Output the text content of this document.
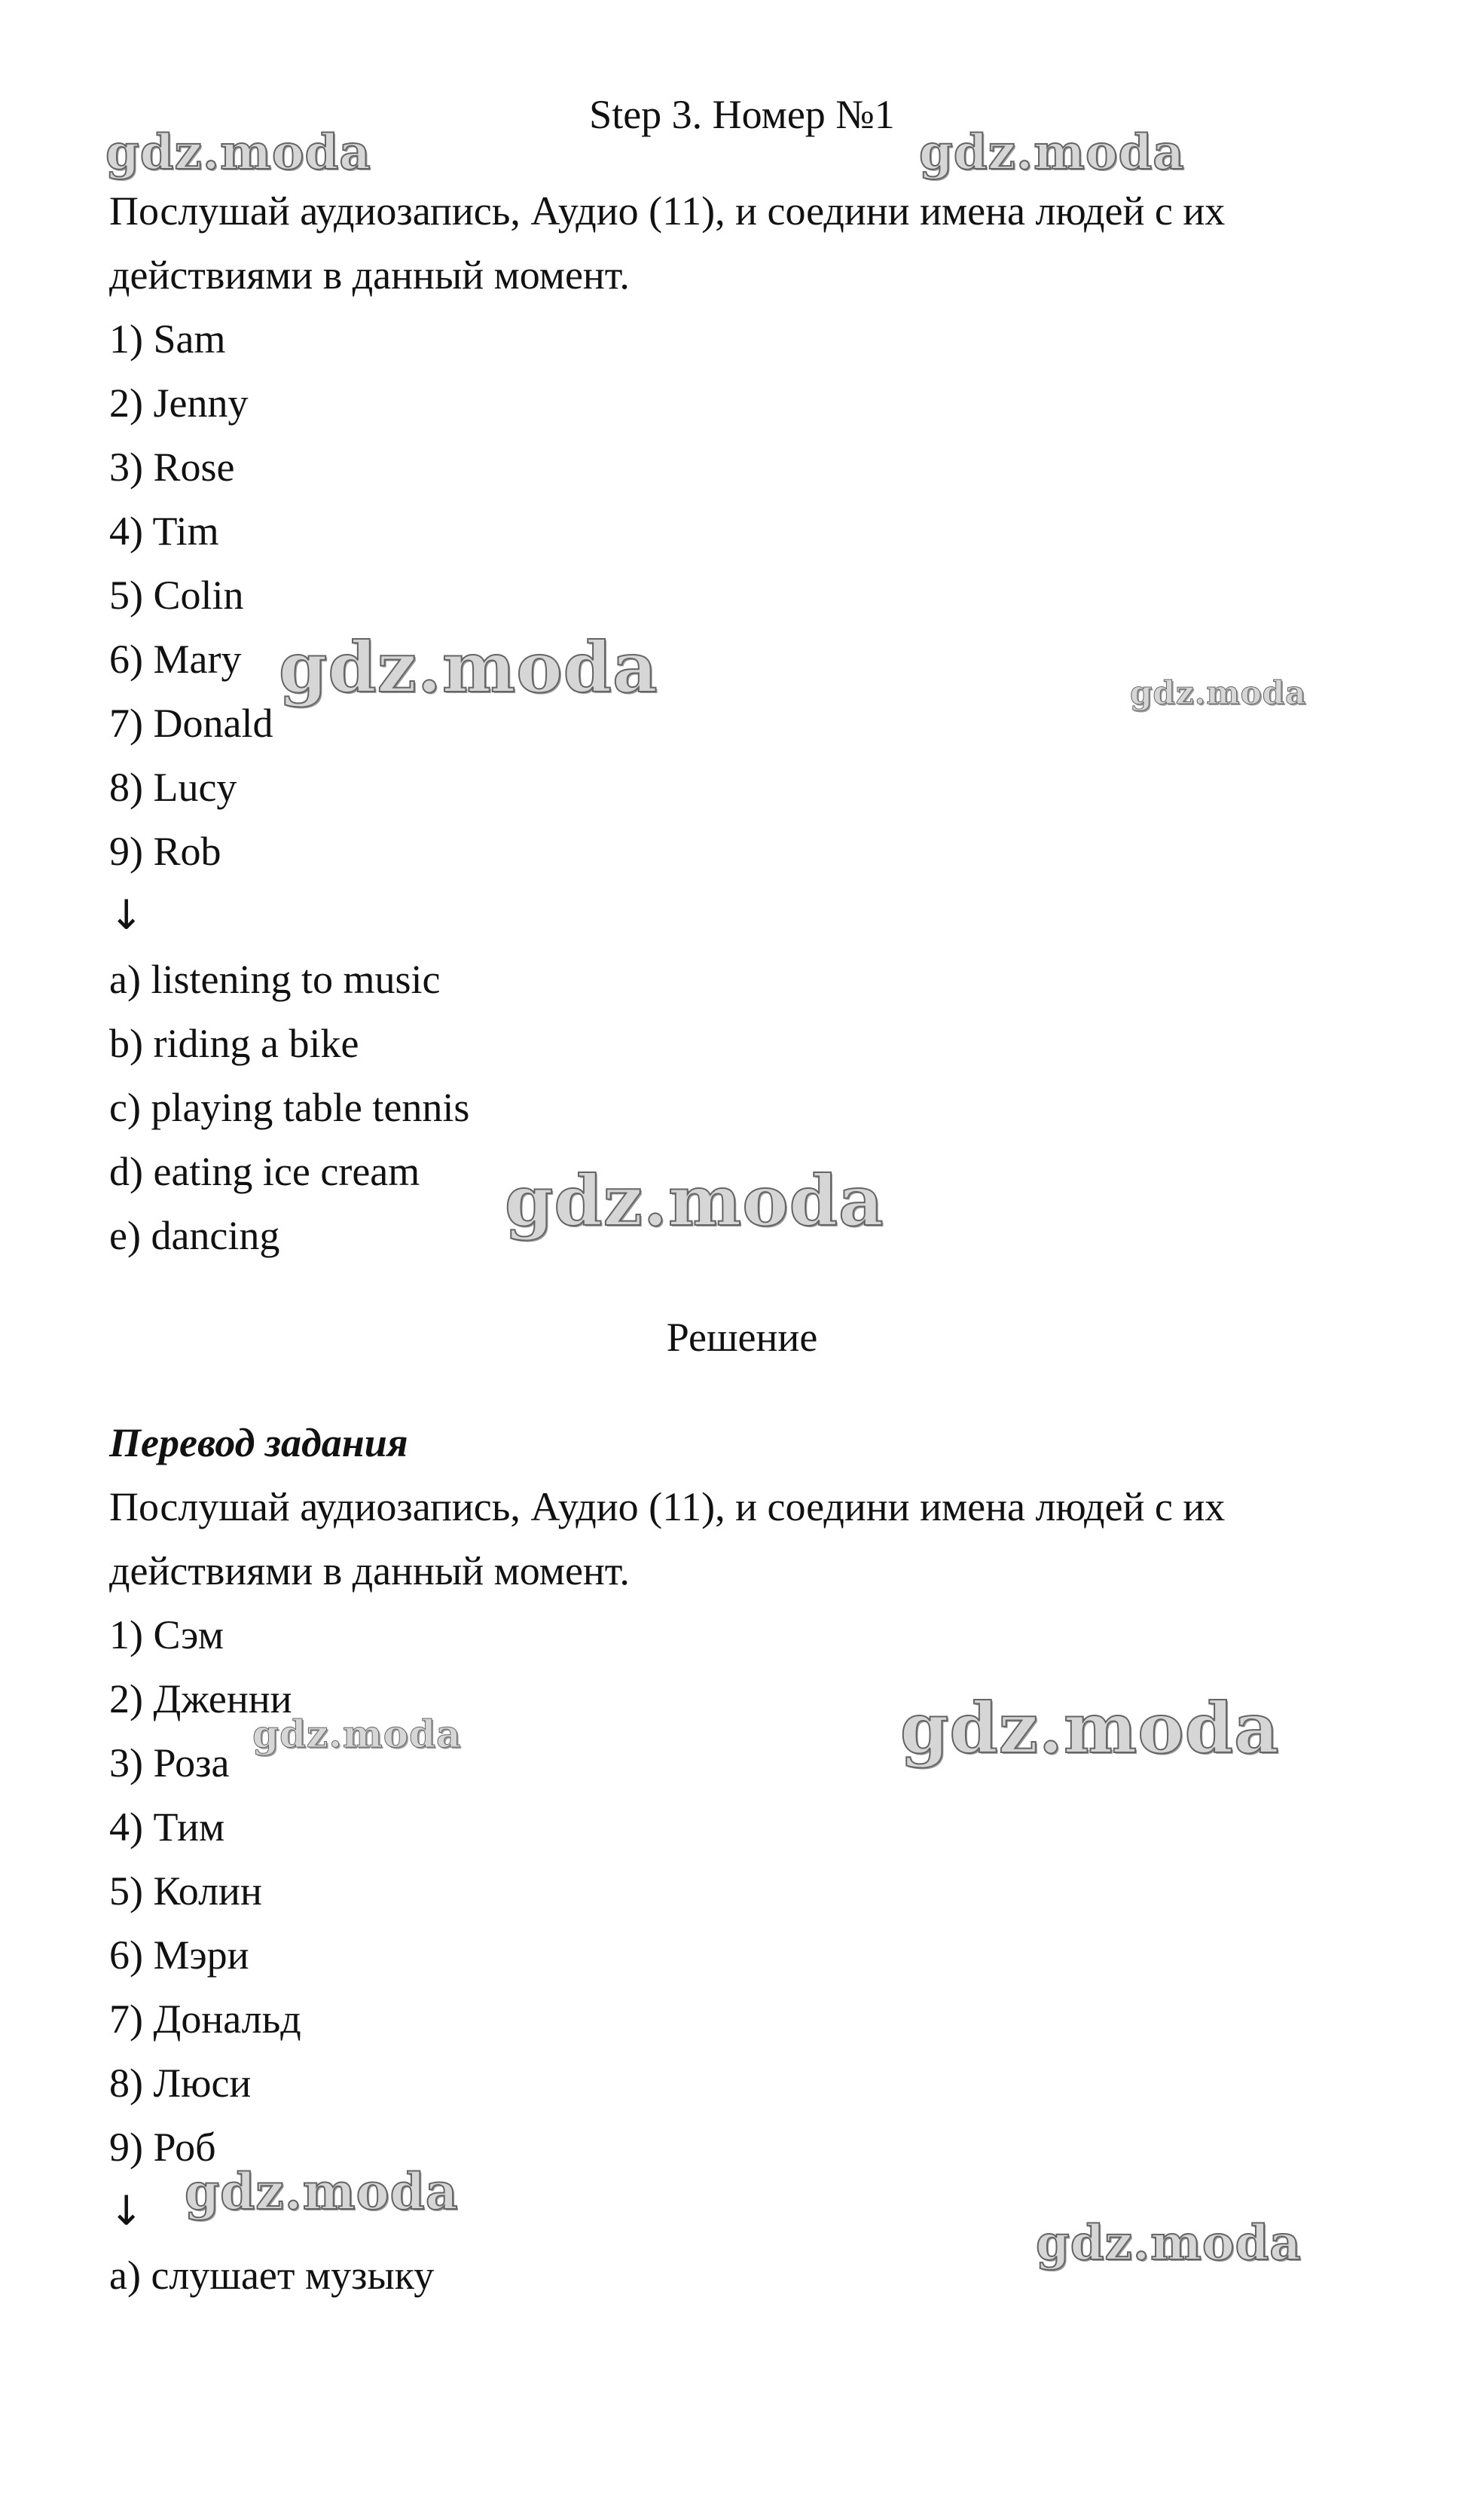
Step 3. Номер №1
Послушай аудиозапись, Аудио (11), и соедини имена людей с их
действиями в данный момент.
1) Sam
2) Jenny
3) Rose
4) Tim
5) Colin
6) Mary
7) Donald
8) Lucy
9) Rob
↓
a) listening to music
b) riding a bike
c) playing table tennis
d) eating ice cream
e) dancing
Решение
Перевод задания
Послушай аудиозапись, Аудио (11), и соедини имена людей с их
действиями в данный момент.
1) Сэм
2) Дженни
3) Роза
4) Тим
5) Колин
6) Мэри
7) Дональд
8) Люси
9) Роб
↓
а) слушает музыку
gdz.moda	gdz.moda
gdz.moda	gdz.moda
gdz.moda
gdz.moda
gdz.moda
gdz.moda
gdz.moda
